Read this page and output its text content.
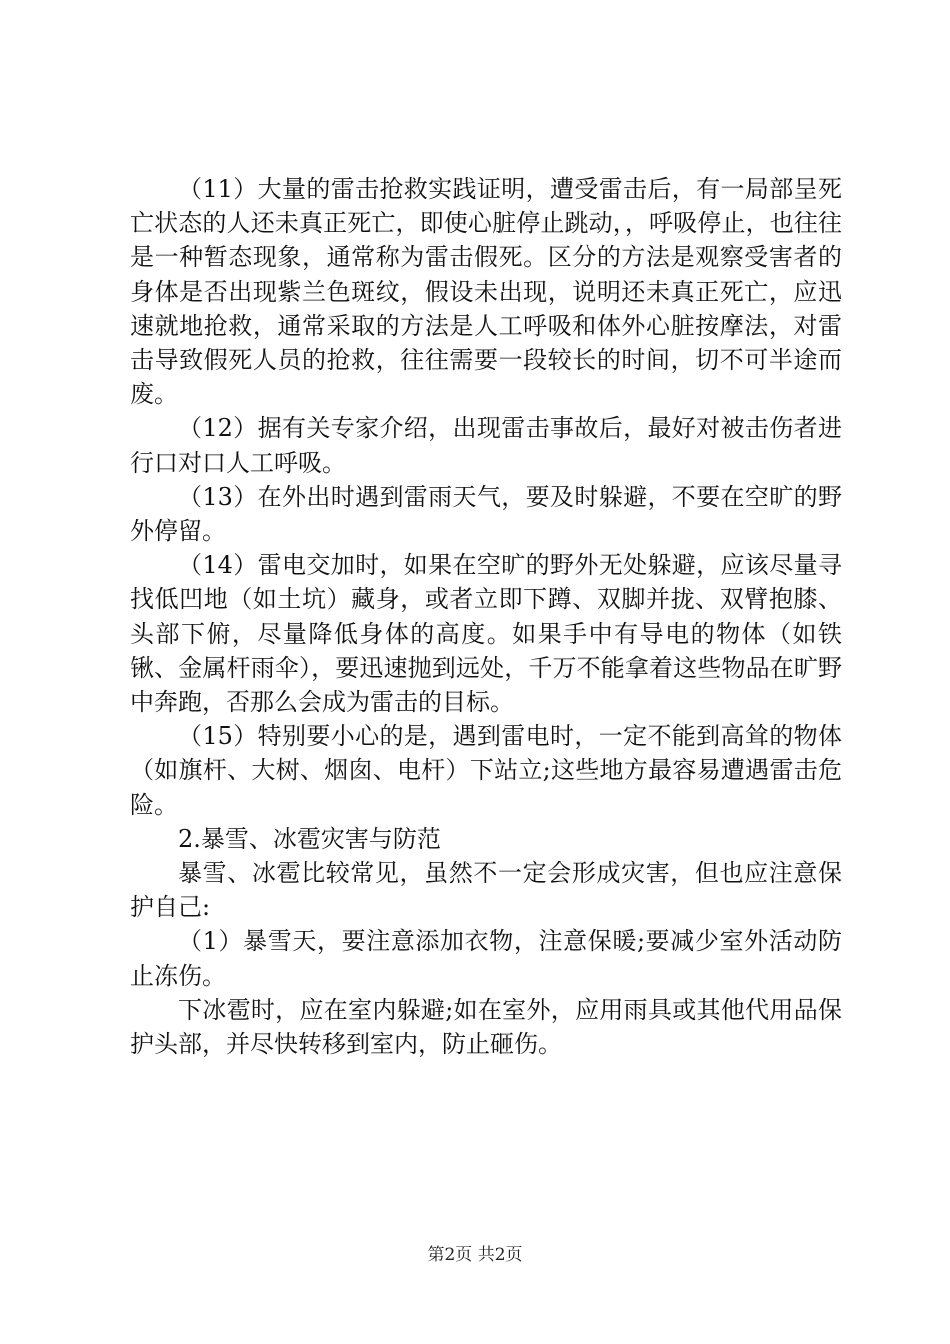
（11）大量的雷击抢救实践证明，遭受雷击后，有一局部呈死亡状态的人还未真正死亡，即使心脏停止跳动，，呼吸停止，也往往是一种暂态现象，通常称为雷击假死。区分的方法是观察受害者的身体是否出现紫兰色斑纹，假设未出现，说明还未真正死亡，应迅速就地抢救，通常采取的方法是人工呼吸和体外心脏按摩法，对雷击导致假死人员的抢救，往往需要一段较长的时间，切不可半途而废。

（12）据有关专家介绍，出现雷击事故后，最好对被击伤者进行口对口人工呼吸。

（13）在外出时遇到雷雨天气，要及时躲避，不要在空旷的野外停留。

（14）雷电交加时，如果在空旷的野外无处躲避，应该尽量寻找低凹地（如土坑）藏身，或者立即下蹲、双脚并拢、双臂抱膝、头部下俯，尽量降低身体的高度。如果手中有导电的物体（如铁锹、金属杆雨伞），要迅速抛到远处，千万不能拿着这些物品在旷野中奔跑，否那么会成为雷击的目标。

（15）特别要小心的是，遇到雷电时，一定不能到高耸的物体（如旗杆、大树、烟囱、电杆）下站立;这些地方最容易遭遇雷击危险。

2.暴雪、冰雹灾害与防范

暴雪、冰雹比较常见，虽然不一定会形成灾害，但也应注意保护自己:

（1）暴雪天，要注意添加衣物，注意保暖;要减少室外活动防止冻伤。

下冰雹时，应在室内躲避;如在室外，应用雨具或其他代用品保护头部，并尽快转移到室内，防止砸伤。

第2页 共2页
